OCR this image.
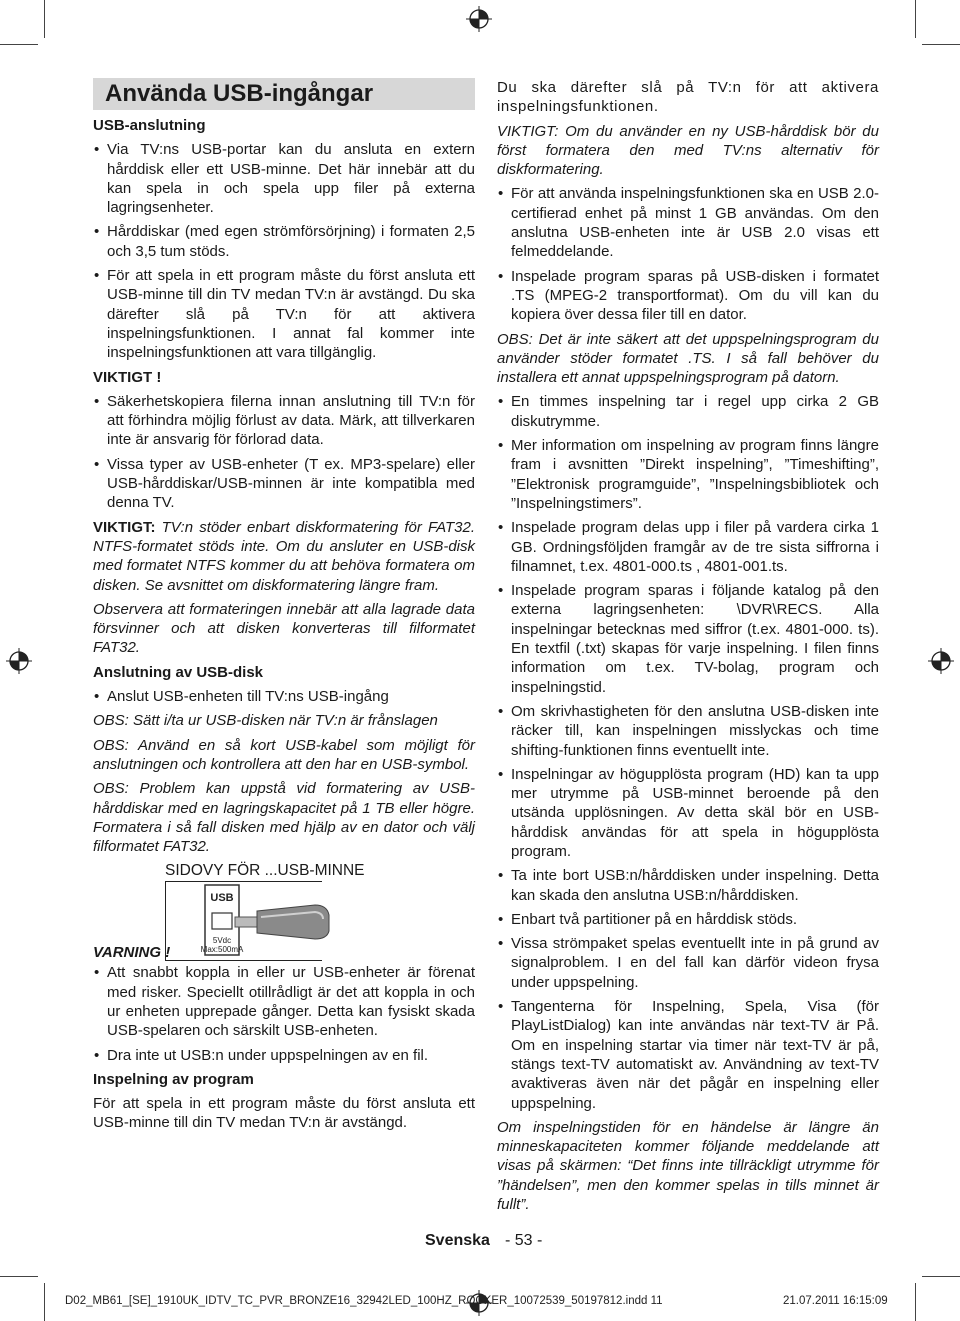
Använda USB-ingångar
USB-anslutning
• Via TV:ns USB-portar kan du ansluta en extern hårddisk eller ett USB-minne. Det här innebär att du kan spela in och spela upp filer på externa lagringsenheter.
• Hårddiskar (med egen strömförsörjning) i formaten 2,5 och 3,5 tum stöds.
• För att spela in ett program måste du först ansluta ett USB-minne till din TV medan TV:n är avstängd. Du ska därefter slå på TV:n för att aktivera inspelningsfunktionen. I annat fal kommer inte inspelningsfunktionen att vara tillgänglig.
VIKTIGT !
• Säkerhetskopiera filerna innan anslutning till TV:n för att förhindra möjlig förlust av data. Märk, att tillverkaren inte är ansvarig för förlorad data.
• Vissa typer av USB-enheter (T ex. MP3-spelare) eller USB-hårddiskar/USB-minnen är inte kompatibla med denna TV.

VIKTIGT: TV:n stöder enbart diskformatering för FAT32. NTFS-formatet stöds inte. Om du ansluter en USB-disk med formatet NTFS kommer du att behöva formatera om disken. Se avsnittet om diskformatering längre fram.

Observera att formateringen innebär att alla lagrade data försvinner och att disken konverteras till filformatet FAT32.

Anslutning av USB-disk
• Anslut USB-enheten till TV:ns USB-ingång

OBS: Sätt i/ta ur USB-disken när TV:n är frånslagen

OBS: Använd en så kort USB-kabel som möjligt för anslutningen och kontrollera att den har en USB-symbol.

OBS: Problem kan uppstå vid formatering av USB-hårddiskar med en lagringskapacitet på 1 TB eller högre. Formatera i så fall disken med hjälp av en dator och välj filformatet FAT32.

SIDOVY FÖR ...USB-MINNE
USB
5Vdc
Max:500mA
VARNING !
• Att snabbt koppla in eller ur USB-enheter är förenat med risker. Speciellt otillrådligt är det att koppla in och ur enheten upprepade gånger. Detta kan fysiskt skada USB-spelaren och särskilt USB-enheten.
• Dra inte ut USB:n under uppspelningen av en fil.
Inspelning av program

För att spela in ett program måste du först ansluta ett USB-minne till din TV medan TV:n är avstängd.

Du ska därefter slå på TV:n för att aktivera inspelningsfunktionen.

VIKTIGT: Om du använder en ny USB-hårddisk bör du först formatera den med TV:ns alternativ för diskformatering.

• För att använda inspelningsfunktionen ska en USB 2.0-certifierad enhet på minst 1 GB användas. Om den anslutna USB-enheten inte är USB 2.0 visas ett felmeddelande.
• Inspelade program sparas på USB-disken i formatet .TS (MPEG-2 transportformat). Om du vill kan du kopiera över dessa filer till en dator.

OBS: Det är inte säkert att det uppspelningsprogram du använder stöder formatet .TS. I så fall behöver du installera ett annat uppspelningsprogram på datorn.

• En timmes inspelning tar i regel upp cirka 2 GB diskutrymme.
• Mer information om inspelning av program finns längre fram i avsnitten ”Direkt inspelning”, ”Timeshifting”, ”Elektronisk programguide”, ”Inspelningsbibliotek och ”Inspelningstimers”.
• Inspelade program delas upp i filer på vardera cirka 1 GB. Ordningsföljden framgår av de tre sista siffrorna i filnamnet, t.ex. 4801-000.ts , 4801-001.ts.
• Inspelade program sparas i följande katalog på den externa lagringsenheten: \DVR\RECS. Alla inspelningar betecknas med siffror (t.ex. 4801-000. ts). En textfil (.txt) skapas för varje inspelning. I filen finns information om t.ex. TV-bolag, program och inspelningstid.
• Om skrivhastigheten för den anslutna USB-disken inte räcker till, kan inspelningen misslyckas och time shifting-funktionen finns eventuellt inte.
• Inspelningar av högupplösta program (HD) kan ta upp mer utrymme på USB-minnet beroende på den utsända upplösningen. Av detta skäl bör en USB-hårddisk användas för att spela in högupplösta program.
• Ta inte bort USB:n/hårddisken under inspelning. Detta kan skada den anslutna USB:n/hårddisken.
• Enbart två partitioner på en hårddisk stöds.
• Vissa strömpaket spelas eventuellt inte in på grund av signalproblem. I en del fall kan därför videon frysa under uppspelning.
• Tangenterna för Inspelning, Spela, Visa (för PlayListDialog) kan inte användas när text-TV är På. Om en inspelning startar via timer när text-TV är på, stängs text-TV automatiskt av. Användning av text-TV avaktiveras även när det pågår en inspelning eller uppspelning.

Om inspelningstiden för en händelse är längre än minneskapaciteten kommer följande meddelande att visas på skärmen: “Det finns inte tillräckligt utrymme för ”händelsen”, men den kommer spelas in tills minnet är fullt”.

Svenska - 53 -
D02_MB61_[SE]_1910UK_IDTV_TC_PVR_BRONZE16_32942LED_100HZ_ROCKER_10072539_50197812.indd 11	21.07.2011 16:15:09
